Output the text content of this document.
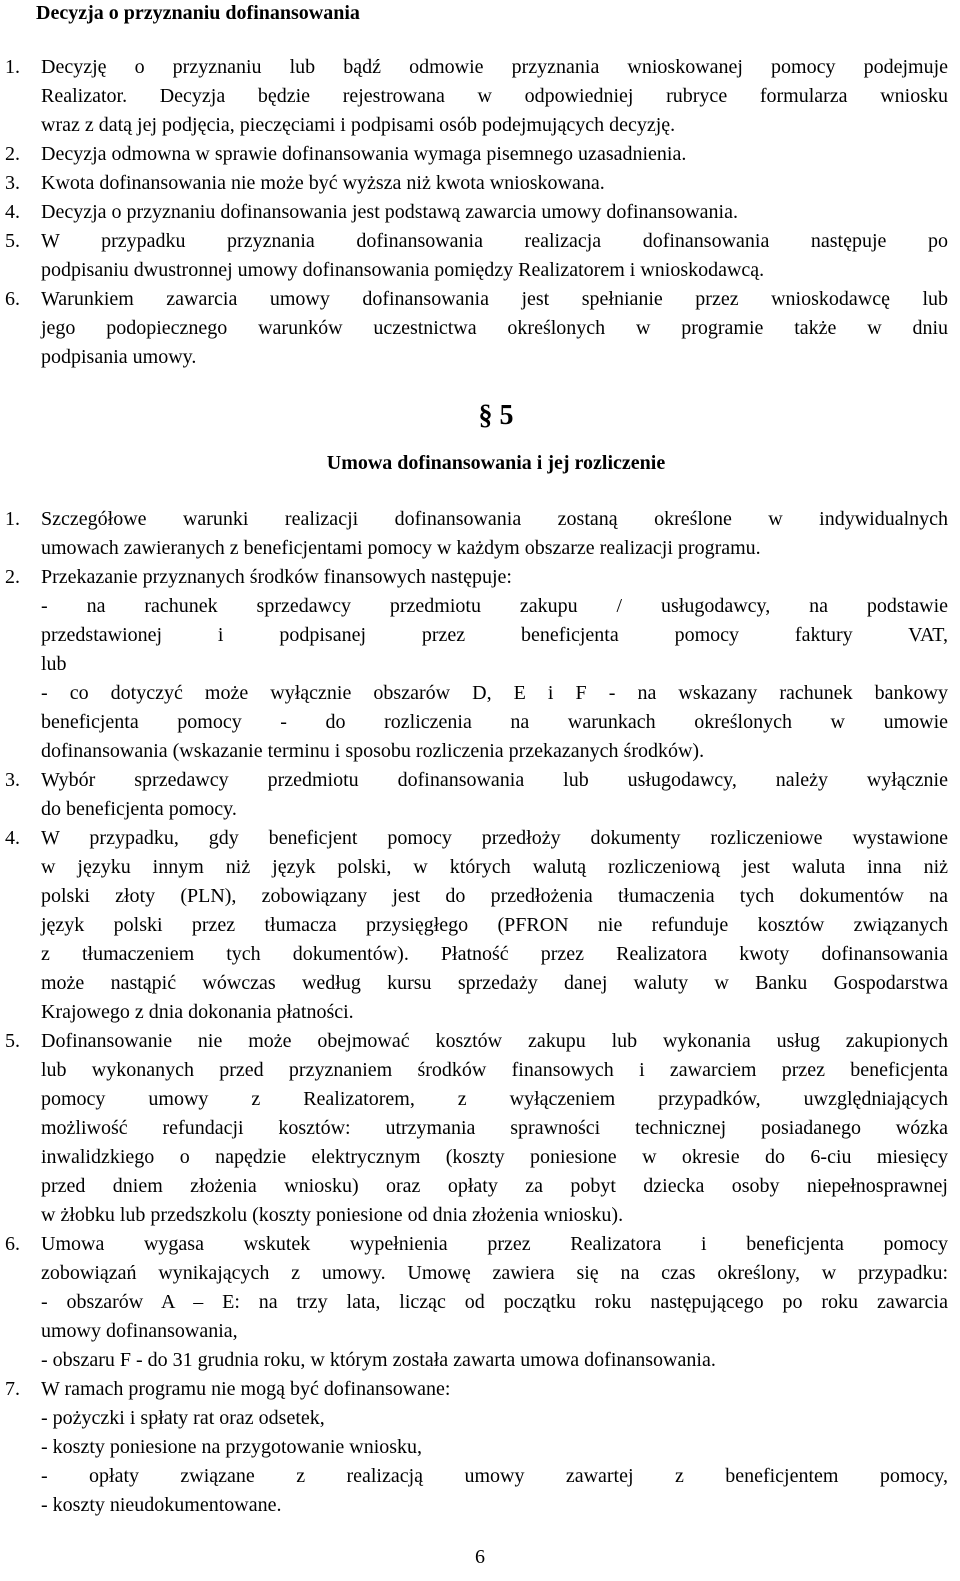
Decyzja o przyznaniu dofinansowania
1. Decyzję o przyznaniu lub bądź odmowie przyznania wnioskowanej pomocy podejmuje
Realizator. Decyzja będzie rejestrowana w odpowiedniej rubryce formularza wniosku
wraz z datą jej podjęcia, pieczęciami i podpisami osób podejmujących decyzję.
2. Decyzja odmowna w sprawie dofinansowania wymaga pisemnego uzasadnienia.
3. Kwota dofinansowania nie może być wyższa niż kwota wnioskowana.
4. Decyzja o przyznaniu dofinansowania jest podstawą zawarcia umowy dofinansowania.
5. W przypadku przyznania dofinansowania realizacja dofinansowania następuje po
podpisaniu dwustronnej umowy dofinansowania pomiędzy Realizatorem i wnioskodawcą.
6. Warunkiem zawarcia umowy dofinansowania jest spełnianie przez wnioskodawcę lub
jego podopiecznego warunków uczestnictwa określonych w programie także w dniu
podpisania umowy.
§ 5
Umowa dofinansowania i jej rozliczenie
1. Szczegółowe warunki realizacji dofinansowania zostaną określone w indywidualnych
umowach zawieranych z beneficjentami pomocy w każdym obszarze realizacji programu.
2. Przekazanie przyznanych środków finansowych następuje:
- na rachunek sprzedawcy przedmiotu zakupu / usługodawcy, na podstawie
przedstawionej i podpisanej przez beneficjenta pomocy faktury VAT,
lub
- co dotyczyć może wyłącznie obszarów D, E i F - na wskazany rachunek bankowy
beneficjenta pomocy - do rozliczenia na warunkach określonych w umowie
dofinansowania (wskazanie terminu i sposobu rozliczenia przekazanych środków).
3. Wybór sprzedawcy przedmiotu dofinansowania lub usługodawcy, należy wyłącznie
do beneficjenta pomocy.
4. W przypadku, gdy beneficjent pomocy przedłoży dokumenty rozliczeniowe wystawione
w języku innym niż język polski, w których walutą rozliczeniową jest waluta inna niż
polski złoty (PLN), zobowiązany jest do przedłożenia tłumaczenia tych dokumentów na
język polski przez tłumacza przysięgłego (PFRON nie refunduje kosztów związanych
z tłumaczeniem tych dokumentów). Płatność przez Realizatora kwoty dofinansowania
może nastąpić wówczas według kursu sprzedaży danej waluty w Banku Gospodarstwa
Krajowego z dnia dokonania płatności.
5. Dofinansowanie nie może obejmować kosztów zakupu lub wykonania usług zakupionych
lub wykonanych przed przyznaniem środków finansowych i zawarciem przez beneficjenta
pomocy umowy z Realizatorem, z wyłączeniem przypadków, uwzględniających
możliwość refundacji kosztów: utrzymania sprawności technicznej posiadanego wózka
inwalidzkiego o napędzie elektrycznym (koszty poniesione w okresie do 6-ciu miesięcy
przed dniem złożenia wniosku) oraz opłaty za pobyt dziecka osoby niepełnosprawnej
w żłobku lub przedszkolu (koszty poniesione od dnia złożenia wniosku).
6. Umowa wygasa wskutek wypełnienia przez Realizatora i beneficjenta pomocy
zobowiązań wynikających z umowy. Umowę zawiera się na czas określony, w przypadku:
- obszarów A – E: na trzy lata, licząc od początku roku następującego po roku zawarcia
umowy dofinansowania,
- obszaru F - do 31 grudnia roku, w którym została zawarta umowa dofinansowania.
7. W ramach programu nie mogą być dofinansowane:
- pożyczki i spłaty rat oraz odsetek,
- koszty poniesione na przygotowanie wniosku,
- opłaty związane z realizacją umowy zawartej z beneficjentem pomocy,
- koszty nieudokumentowane.
6
